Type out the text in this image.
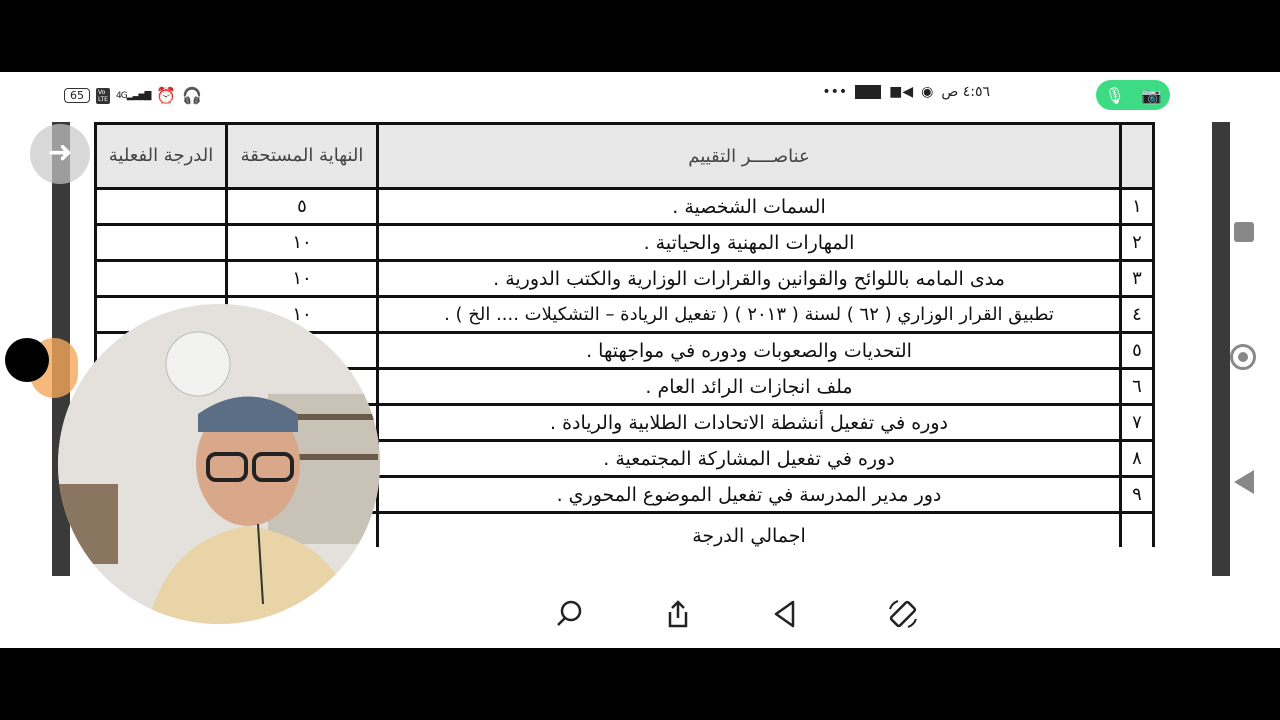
65	Vo
LTE 4G▂▃▅▇ ⏰ 🎧	•••	■◀ ◉ ٤:٥٦ ص	🎙 📷
الدرجة الفعلية	النهاية المستحقة	عناصــــر التقييم	
	٥	السمات الشخصية .	١
	١٠	المهارات المهنية والحياتية .	٢
	١٠	مدى المامه باللوائح والقوانين والقرارات الوزارية والكتب الدورية .	٣
	١٠	تطبيق القرار الوزاري ( ٦٢ ) لسنة ( ٢٠١٣ ) ( تفعيل الريادة – التشكيلات .... الخ ) .	٤
		التحديات والصعوبات ودوره في مواجهتها .	٥
		ملف انجازات الرائد العام .	٦
		دوره في تفعيل أنشطة الاتحادات الطلابية والريادة .	٧
		دوره في تفعيل المشاركة المجتمعية .	٨
		دور مدير المدرسة في تفعيل الموضوع المحوري .	٩
		اجمالي الدرجة	
➜
